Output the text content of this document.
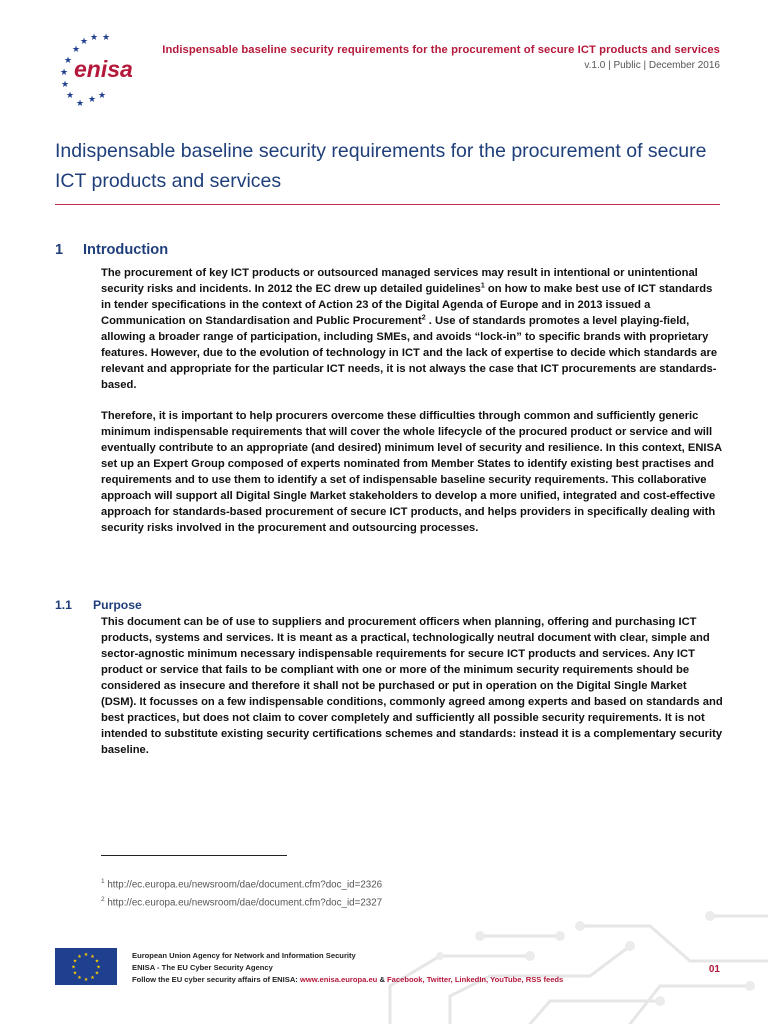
★ ★ ★
★
★
★
★
★
★ ★ ★
enisa
Indispensable baseline security requirements for the procurement of secure ICT products and services
v.1.0 | Public | December 2016
Indispensable baseline security requirements for the procurement of secure ICT products and services
1 Introduction

The procurement of key ICT products or outsourced managed services may result in intentional or unintentional security risks and incidents. In 2012 the EC drew up detailed guidelines$^1$ on how to make best use of ICT standards in tender specifications in the context of Action 23 of the Digital Agenda of Europe and in 2013 issued a Communication on Standardisation and Public Procurement$^2$ . Use of standards promotes a level playing-field, allowing a broader range of participation, including SMEs, and avoids “lock-in” to specific brands with proprietary features. However, due to the evolution of technology in ICT and the lack of expertise to decide which standards are relevant and appropriate for the particular ICT needs, it is not always the case that ICT procurements are standards-based.

Therefore, it is important to help procurers overcome these difficulties through common and sufficiently generic minimum indispensable requirements that will cover the whole lifecycle of the procured product or service and will eventually contribute to an appropriate (and desired) minimum level of security and resilience. In this context, ENISA set up an Expert Group composed of experts nominated from Member States to identify existing best practises and requirements and to use them to identify a set of indispensable baseline security requirements. This collaborative approach will support all Digital Single Market stakeholders to develop a more unified, integrated and cost-effective approach for standards-based procurement of secure ICT products, and helps providers in specifically dealing with security risks involved in the procurement and outsourcing processes.

1.1 Purpose

This document can be of use to suppliers and procurement officers when planning, offering and purchasing ICT products, systems and services. It is meant as a practical, technologically neutral document with clear, simple and sector-agnostic minimum necessary indispensable requirements for secure ICT products and services. Any ICT product or service that fails to be compliant with one or more of the minimum security requirements should be considered as insecure and therefore it shall not be purchased or put in operation on the Digital Single Market (DSM). It focusses on a few indispensable conditions, commonly agreed among experts and based on standards and best practices, but does not claim to cover completely and sufficiently all possible security requirements. It is not intended to substitute existing security certifications schemes and standards: instead it is a complementary security baseline.

$^1$ http://ec.europa.eu/newsroom/dae/document.cfm?doc_id=2326
$^2$ http://ec.europa.eu/newsroom/dae/document.cfm?doc_id=2327
★ ★
★
★
★
★
★
★
★
★
★
★	European Union Agency for Network and Information Security
ENISA - The EU Cyber Security Agency
Follow the EU cyber security affairs of ENISA: www.enisa.europa.eu & Facebook, Twitter, LinkedIn, YouTube, RSS feeds
01
